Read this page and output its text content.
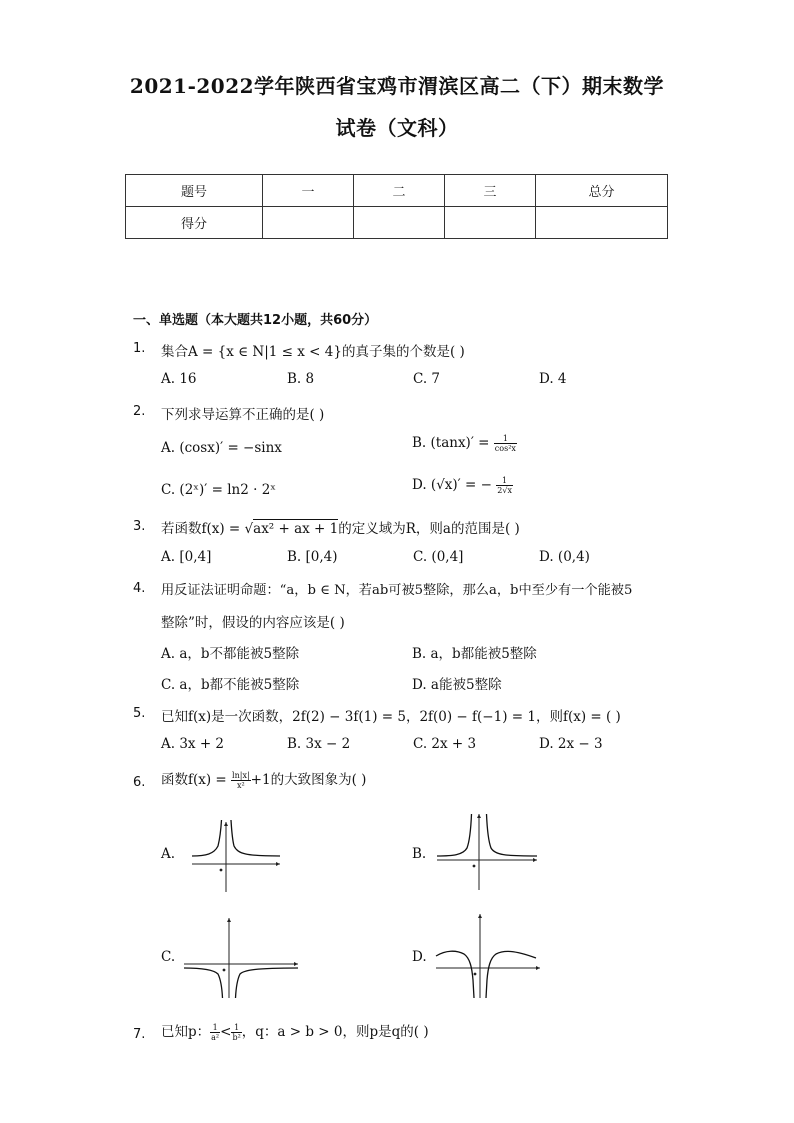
2021-2022学年陕西省宝鸡市渭滨区高二（下）期末数学
试卷（文科）
题号	一	二	三	总分
得分				
一、单选题（本大题共12小题，共60分）
1. 集合A = {x ∈ N|1 ≤ x < 4}的真子集的个数是( )
A. 16	B. 8	C. 7	D. 4
2. 下列求导运算不正确的是( )
A. (cosx)′ = −sinx	B. $(\tan x)' = \frac{1}{\text{cos²x}}$
C. (2ˣ)′ = ln2 · 2ˣ	D. (√x)′ = − $\frac{1}{2√x}$
3. 若函数f(x) = √ax² + ax + 1的定义域为R，则a的范围是( )
A. [0,4]	B. [0,4)	C. (0,4]	D. (0,4)
4. 用反证法证明命题：“a，b ∈ N，若ab可被5整除，那么a，b中至少有一个能被5
整除”时，假设的内容应该是( )
A. a，b不都能被5整除	B. a，b都能被5整除
C. a，b都不能被5整除	D. a能被5整除
5. 已知f(x)是一次函数，2f(2) − 3f(1) = 5，2f(0) − f(−1) = 1，则f(x) = ( )
A. 3x + 2	B. 3x − 2	C. 2x + 3	D. 2x − 3
6. 函数$f(x) = \frac{\ln|x|}{\text{x²}} +1$的大致图象为( )
A.	B.
C.	D.
7. 已知p： $\frac{1}{\text{a²}} < \frac{1}{\text{b²}}$ ，q：a > b > 0，则p是q的( )
